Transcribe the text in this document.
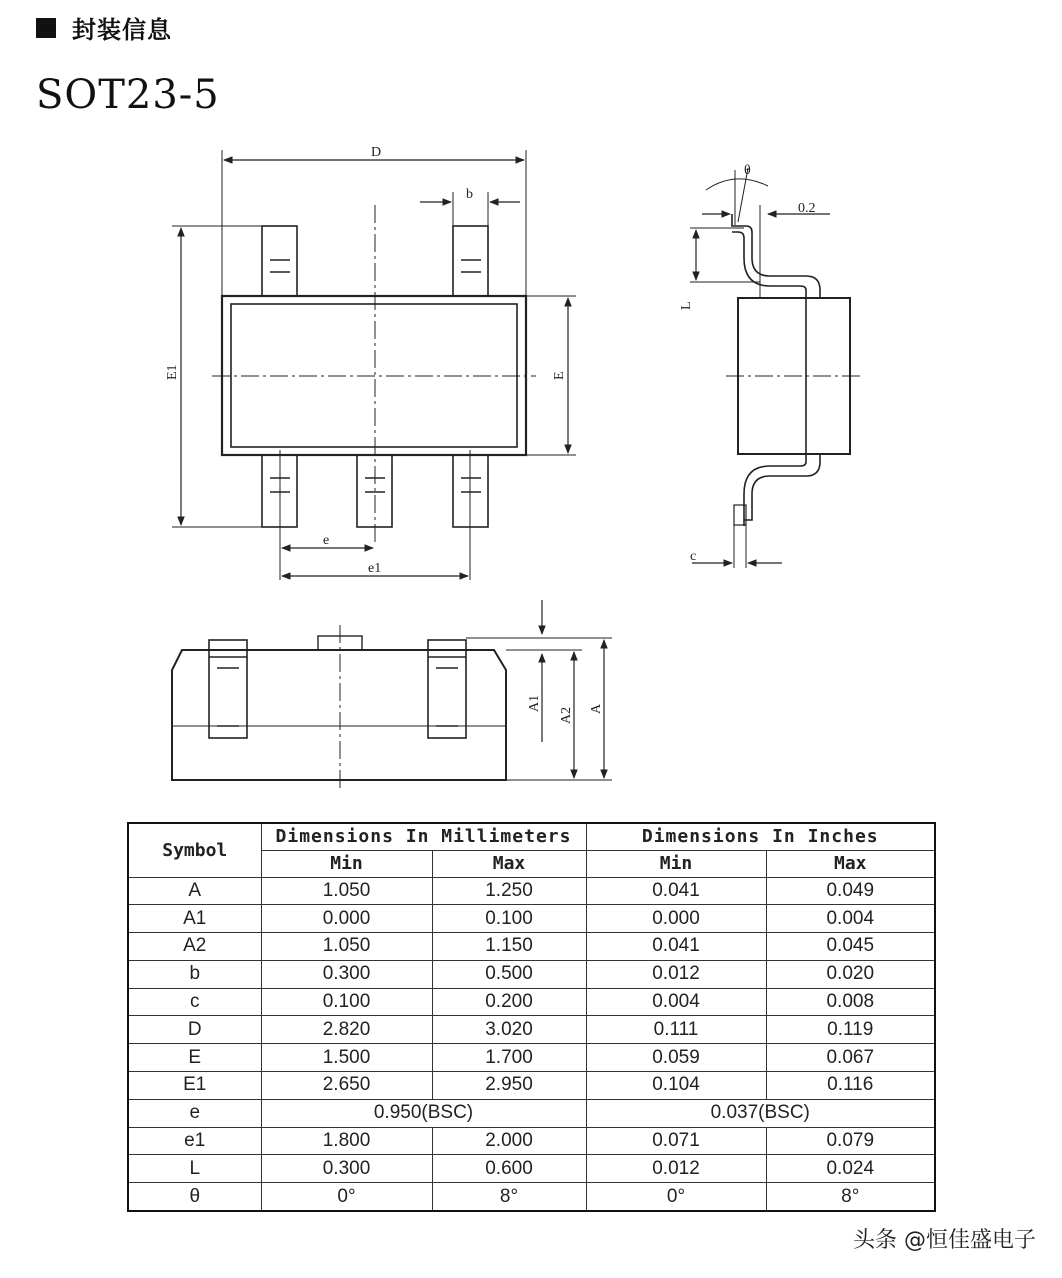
封装信息
SOT23-5
D
b
E1	E
e
e1
θ
0.2
L
c
A1
A2 A
Symbol	Dimensions In Millimeters		Dimensions In Inches	
	Min	Max	Min	Max
A	1.050	1.250	0.041	0.049
A1	0.000	0.100	0.000	0.004
A2	1.050	1.150	0.041	0.045
b	0.300	0.500	0.012	0.020
c	0.100	0.200	0.004	0.008
D	2.820	3.020	0.111	0.119
E	1.500	1.700	0.059	0.067
E1	2.650	2.950	0.104	0.116
e	0.950(BSC)		0.037(BSC)	
e1	1.800	2.000	0.071	0.079
L	0.300	0.600	0.012	0.024
θ	0°	8°	0°	8°
头条 @恒佳盛电子
